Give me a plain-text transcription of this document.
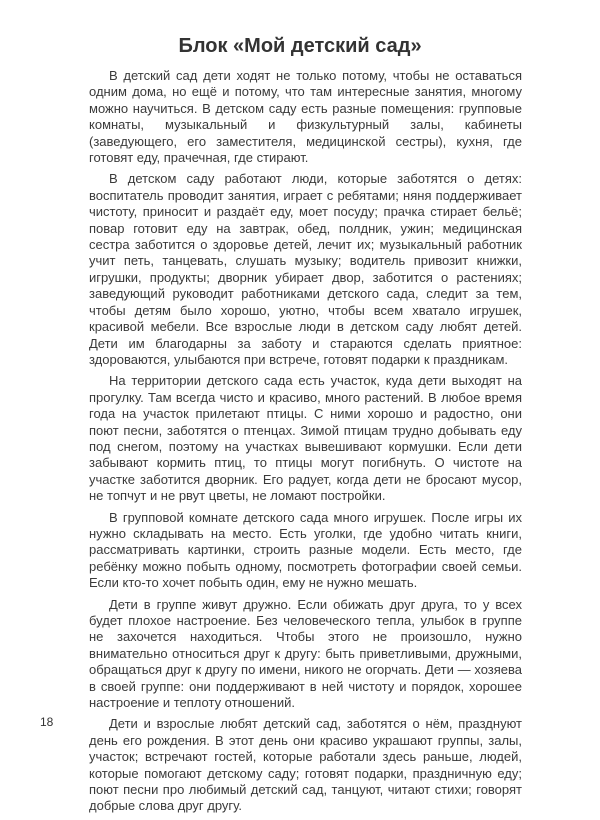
Блок «Мой детский сад»

В детский сад дети ходят не только потому, чтобы не оставаться одним дома, но ещё и потому, что там интересные занятия, многому можно научиться. В детском саду есть разные помещения: групповые комнаты, музыкальный и физкультурный залы, кабинеты (заведующего, его заместителя, медицинской сестры), кухня, где готовят еду, прачечная, где стирают.

В детском саду работают люди, которые заботятся о детях: воспитатель проводит занятия, играет с ребятами; няня поддерживает чистоту, приносит и раздаёт еду, моет посуду; прачка стирает бельё; повар готовит еду на завтрак, обед, полдник, ужин; медицинская сестра заботится о здоровье детей, лечит их; музыкальный работник учит петь, танцевать, слушать музыку; водитель привозит книжки, игрушки, продукты; дворник убирает двор, заботится о растениях; заведующий руководит работниками детского сада, следит за тем, чтобы детям было хорошо, уютно, чтобы всем хватало игрушек, красивой мебели. Все взрослые люди в детском саду любят детей. Дети им благодарны за заботу и стараются сделать приятное: здороваются, улыбаются при встрече, готовят подарки к праздникам.

На территории детского сада есть участок, куда дети выходят на прогулку. Там всегда чисто и красиво, много растений. В любое время года на участок прилетают птицы. С ними хорошо и радостно, они поют песни, заботятся о птенцах. Зимой птицам трудно добывать еду под снегом, поэтому на участках вывешивают кормушки. Если дети забывают кормить птиц, то птицы могут погибнуть. О чистоте на участке заботится дворник. Его радует, когда дети не бросают мусор, не топчут и не рвут цветы, не ломают постройки.

В групповой комнате детского сада много игрушек. После игры их нужно складывать на место. Есть уголки, где удобно читать книги, рассматривать картинки, строить разные модели. Есть место, где ребёнку можно побыть одному, посмотреть фотографии своей семьи. Если кто-то хочет побыть один, ему не нужно мешать.

Дети в группе живут дружно. Если обижать друг друга, то у всех будет плохое настроение. Без человеческого тепла, улыбок в группе не захочется находиться. Чтобы этого не произошло, нужно внимательно относиться друг к другу: быть приветливыми, дружными, обращаться друг к другу по имени, никого не огорчать. Дети — хозяева в своей группе: они поддерживают в ней чистоту и порядок, хорошее настроение и теплоту отношений.

Дети и взрослые любят детский сад, заботятся о нём, празднуют день его рождения. В этот день они красиво украшают группы, залы, участок; встречают гостей, которые работали здесь раньше, людей, которые помогают детскому саду; готовят подарки, праздничную еду; поют песни про любимый детский сад, танцуют, читают стихи; говорят добрые слова друг другу.

18
